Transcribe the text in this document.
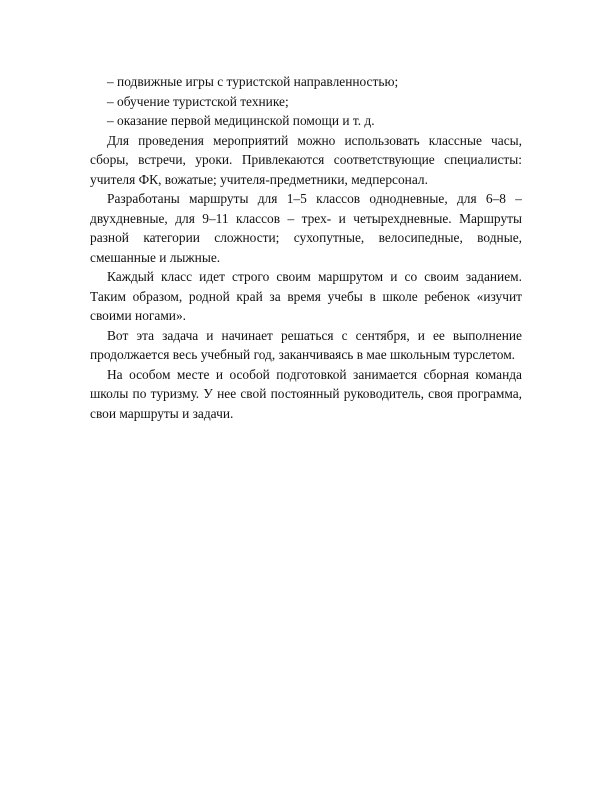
– подвижные игры с туристской направленностью;

– обучение туристской технике;

– оказание первой медицинской помощи и т. д.

Для проведения мероприятий можно использовать классные часы, сборы, встречи, уроки. Привлекаются соответствующие специалисты: учителя ФК, вожатые; учителя-предметники, медперсонал.

Разработаны маршруты для 1–5 классов однодневные, для 6–8 – двухдневные, для 9–11 классов – трех- и четырехдневные. Маршруты разной категории сложности; сухопутные, велосипедные, водные, смешанные и лыжные.

Каждый класс идет строго своим маршрутом и со своим заданием. Таким образом, родной край за время учебы в школе ребенок «изучит своими ногами».

Вот эта задача и начинает решаться с сентября, и ее выполнение продолжается весь учебный год, заканчиваясь в мае школьным турслетом.

На особом месте и особой подготовкой занимается сборная команда школы по туризму. У нее свой постоянный руководитель, своя программа, свои маршруты и задачи.
